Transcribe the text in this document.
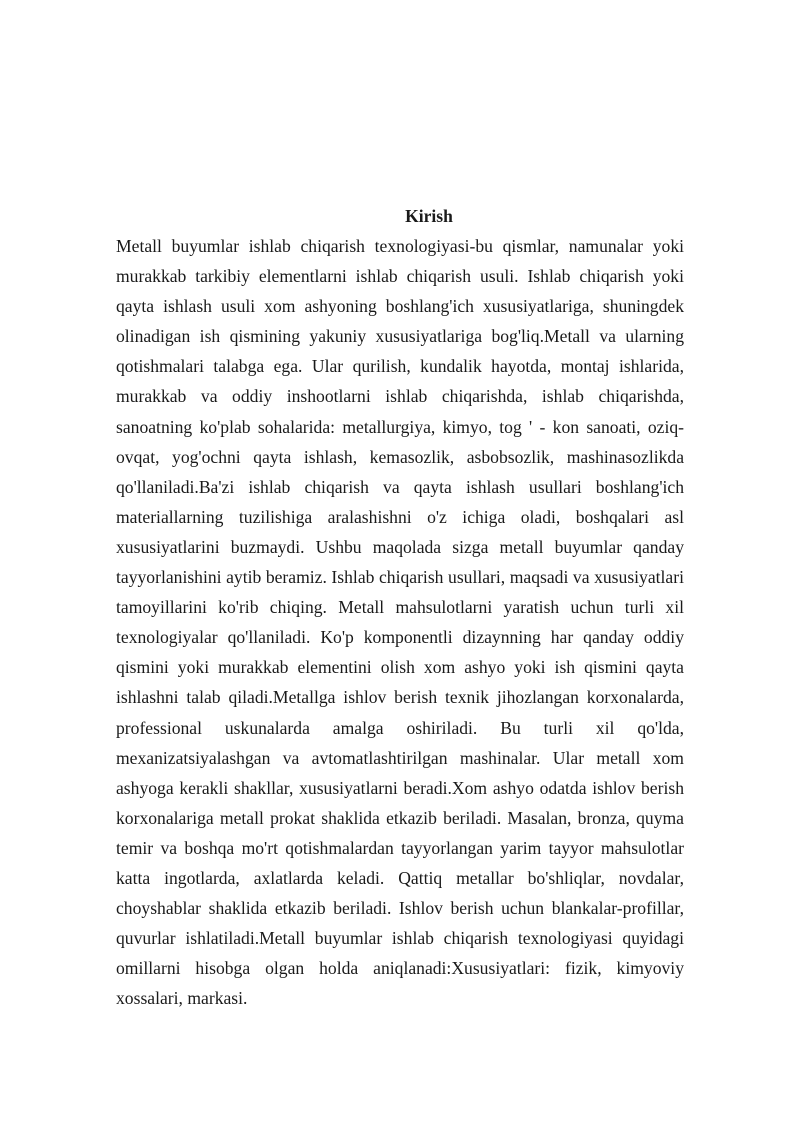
Kirish

Metall buyumlar ishlab chiqarish texnologiyasi-bu qismlar, namunalar yoki murakkab tarkibiy elementlarni ishlab chiqarish usuli. Ishlab chiqarish yoki qayta ishlash usuli xom ashyoning boshlang'ich xususiyatlariga, shuningdek olinadigan ish qismining yakuniy xususiyatlariga bog'liq.Metall va ularning qotishmalari talabga ega. Ular qurilish, kundalik hayotda, montaj ishlarida, murakkab va oddiy inshootlarni ishlab chiqarishda, ishlab chiqarishda, sanoatning ko'plab sohalarida: metallurgiya, kimyo, tog ' - kon sanoati, oziq-ovqat, yog'ochni qayta ishlash, kemasozlik, asbobsozlik, mashinasozlikda qo'llaniladi.Ba'zi ishlab chiqarish va qayta ishlash usullari boshlang'ich materiallarning tuzilishiga aralashishni o'z ichiga oladi, boshqalari asl xususiyatlarini buzmaydi. Ushbu maqolada sizga metall buyumlar qanday tayyorlanishini aytib beramiz. Ishlab chiqarish usullari, maqsadi va xususiyatlari tamoyillarini ko'rib chiqing. Metall mahsulotlarni yaratish uchun turli xil texnologiyalar qo'llaniladi. Ko'p komponentli dizaynning har qanday oddiy qismini yoki murakkab elementini olish xom ashyo yoki ish qismini qayta ishlashni talab qiladi.Metallga ishlov berish texnik jihozlangan korxonalarda, professional uskunalarda amalga oshiriladi. Bu turli xil qo'lda, mexanizatsiyalashgan va avtomatlashtirilgan mashinalar. Ular metall xom ashyoga kerakli shakllar, xususiyatlarni beradi.Xom ashyo odatda ishlov berish korxonalariga metall prokat shaklida etkazib beriladi. Masalan, bronza, quyma temir va boshqa mo'rt qotishmalardan tayyorlangan yarim tayyor mahsulotlar katta ingotlarda, axlatlarda keladi. Qattiq metallar bo'shliqlar, novdalar, choyshablar shaklida etkazib beriladi. Ishlov berish uchun blankalar-profillar, quvurlar ishlatiladi.Metall buyumlar ishlab chiqarish texnologiyasi quyidagi omillarni hisobga olgan holda aniqlanadi:Xususiyatlari: fizik, kimyoviy xossalari, markasi.
